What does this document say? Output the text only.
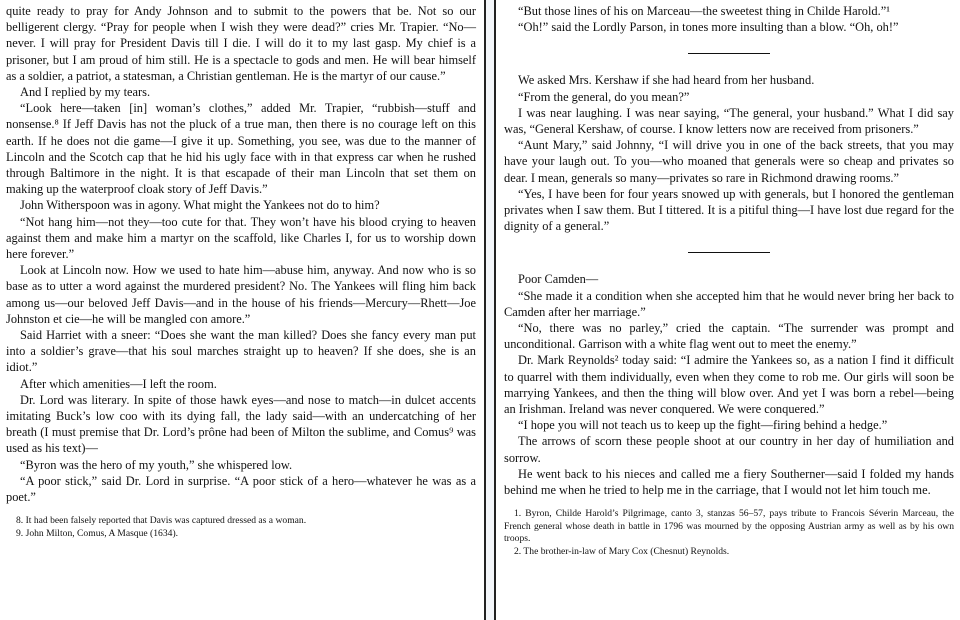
quite ready to pray for Andy Johnson and to submit to the powers that be. Not so our belligerent clergy. “Pray for people when I wish they were dead?” cries Mr. Trapier. “No—never. I will pray for President Davis till I die. I will do it to my last gasp. My chief is a prisoner, but I am proud of him still. He is a spectacle to gods and men. He will bear himself as a soldier, a patriot, a statesman, a Christian gentleman. He is the martyr of our cause.”

And I replied by my tears.

“Look here—taken [in] woman’s clothes,” added Mr. Trapier, “rubbish—stuff and nonsense.⁸ If Jeff Davis has not the pluck of a true man, then there is no courage left on this earth. If he does not die game—I give it up. Something, you see, was due to the manner of Lincoln and the Scotch cap that he hid his ugly face with in that express car when he rushed through Baltimore in the night. It is that escapade of their man Lincoln that set them on making up the waterproof cloak story of Jeff Davis.”

John Witherspoon was in agony. What might the Yankees not do to him?

“Not hang him—not they—too cute for that. They won’t have his blood crying to heaven against them and make him a martyr on the scaffold, like Charles I, for us to worship down here forever.”

Look at Lincoln now. How we used to hate him—abuse him, anyway. And now who is so base as to utter a word against the murdered president? No. The Yankees will fling him back among us—our beloved Jeff Davis—and in the house of his friends—Mercury—Rhett—Joe Johnston et cie—he will be mangled con amore.”

Said Harriet with a sneer: “Does she want the man killed? Does she fancy every man put into a soldier’s grave—that his soul marches straight up to heaven? If she does, she is an idiot.”

After which amenities—I left the room.

Dr. Lord was literary. In spite of those hawk eyes—and nose to match—in dulcet accents imitating Buck’s low coo with its dying fall, the lady said—with an undercatching of her breath (I must premise that Dr. Lord’s prône had been of Milton the sublime, and Comus⁹ was used as his text)—

“Byron was the hero of my youth,” she whispered low.

“A poor stick,” said Dr. Lord in surprise. “A poor stick of a hero—whatever he was as a poet.”

8. It had been falsely reported that Davis was captured dressed as a woman.

9. John Milton, Comus, A Masque (1634).

“But those lines of his on Marceau—the sweetest thing in Childe Harold.”¹

“Oh!” said the Lordly Parson, in tones more insulting than a blow. “Oh, oh!”

We asked Mrs. Kershaw if she had heard from her husband.

“From the general, do you mean?”

I was near laughing. I was near saying, “The general, your husband.” What I did say was, “General Kershaw, of course. I know letters now are received from prisoners.”

“Aunt Mary,” said Johnny, “I will drive you in one of the back streets, that you may have your laugh out. To you—who moaned that generals were so cheap and privates so dear. I mean, generals so many—privates so rare in Richmond drawing rooms.”

“Yes, I have been for four years snowed up with generals, but I honored the gentleman privates when I saw them. But I tittered. It is a pitiful thing—I have lost due regard for the dignity of a general.”

Poor Camden—

“She made it a condition when she accepted him that he would never bring her back to Camden after her marriage.”

“No, there was no parley,” cried the captain. “The surrender was prompt and unconditional. Garrison with a white flag went out to meet the enemy.”

Dr. Mark Reynolds² today said: “I admire the Yankees so, as a nation I find it difficult to quarrel with them individually, even when they come to rob me. Our girls will soon be marrying Yankees, and then the thing will blow over. And yet I was born a rebel—being an Irishman. Ireland was never conquered. We were conquered.”

“I hope you will not teach us to keep up the fight—firing behind a hedge.”

The arrows of scorn these people shoot at our country in her day of humiliation and sorrow.

He went back to his nieces and called me a fiery Southerner—said I folded my hands behind me when he tried to help me in the carriage, that I would not let him touch me.

1. Byron, Childe Harold’s Pilgrimage, canto 3, stanzas 56–57, pays tribute to Francois Séverin Marceau, the French general whose death in battle in 1796 was mourned by the opposing Austrian army as well as by his own troops.

2. The brother-in-law of Mary Cox (Chesnut) Reynolds.
